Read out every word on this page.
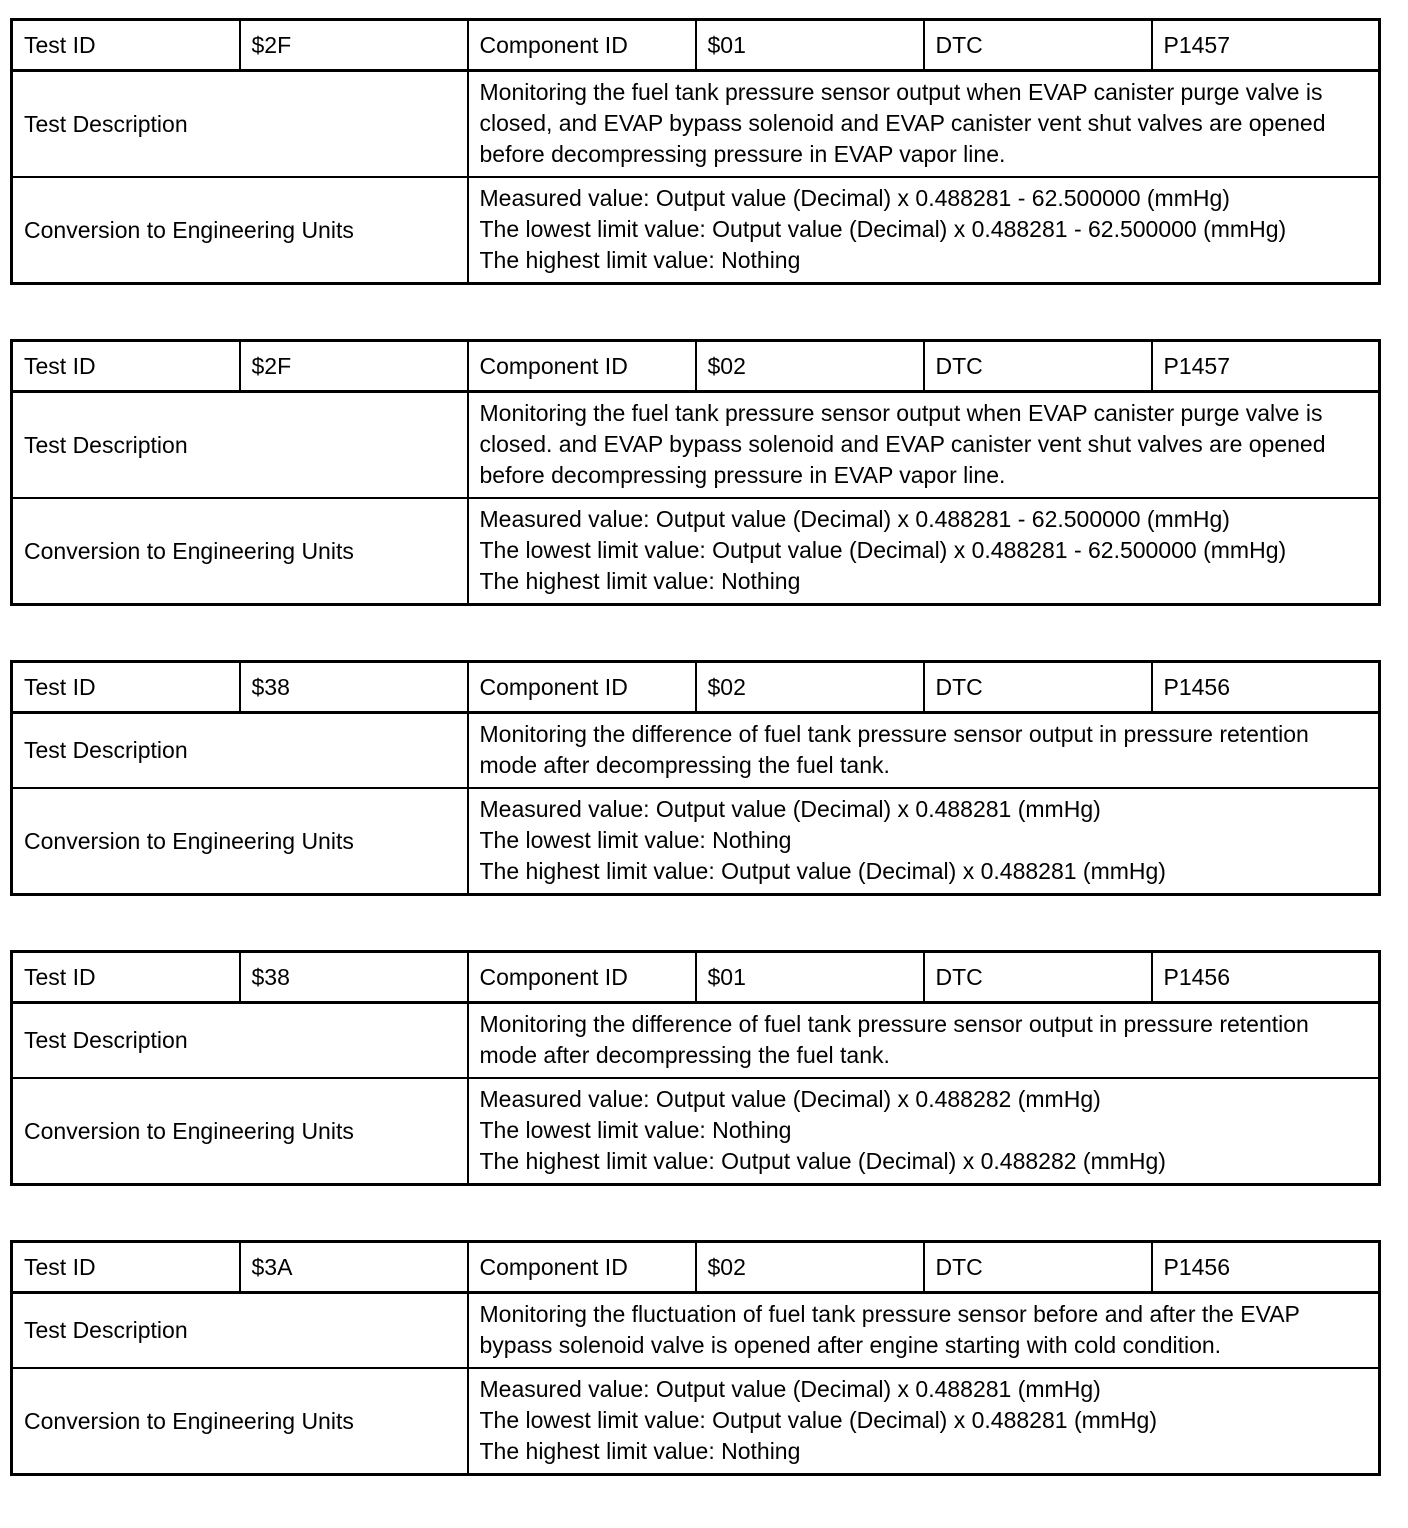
Test ID	$2F	Component ID	$01	DTC	P1457
Test Description		Monitoring the fuel tank pressure sensor output when EVAP canister purge valve is closed, and EVAP bypass solenoid and EVAP canister vent shut valves are opened before decompressing pressure in EVAP vapor line.			

Conversion to Engineering Units		Measured value: Output value (Decimal) x 0.488281 - 62.500000 (mmHg)
The lowest limit value: Output value (Decimal) x 0.488281 - 62.500000 (mmHg)
The highest limit value: Nothing			
Test ID	$2F	Component ID	$02	DTC	P1457
Test Description		Monitoring the fuel tank pressure sensor output when EVAP canister purge valve is closed. and EVAP bypass solenoid and EVAP canister vent shut valves are opened before decompressing pressure in EVAP vapor line.			

Conversion to Engineering Units		Measured value: Output value (Decimal) x 0.488281 - 62.500000 (mmHg)
The lowest limit value: Output value (Decimal) x 0.488281 - 62.500000 (mmHg)
The highest limit value: Nothing			
Test ID	$38	Component ID	$02	DTC	P1456
Test Description		Monitoring the difference of fuel tank pressure sensor output in pressure retention mode after decompressing the fuel tank.			

Conversion to Engineering Units		Measured value: Output value (Decimal) x 0.488281 (mmHg)
The lowest limit value: Nothing
The highest limit value: Output value (Decimal) x 0.488281 (mmHg)			
Test ID	$38	Component ID	$01	DTC	P1456
Test Description		Monitoring the difference of fuel tank pressure sensor output in pressure retention mode after decompressing the fuel tank.			

Conversion to Engineering Units		Measured value: Output value (Decimal) x 0.488282 (mmHg)
The lowest limit value: Nothing
The highest limit value: Output value (Decimal) x 0.488282 (mmHg)			
Test ID	$3A	Component ID	$02	DTC	P1456
Test Description		Monitoring the fluctuation of fuel tank pressure sensor before and after the EVAP bypass solenoid valve is opened after engine starting with cold condition.			

Conversion to Engineering Units		Measured value: Output value (Decimal) x 0.488281 (mmHg)
The lowest limit value: Output value (Decimal) x 0.488281 (mmHg)
The highest limit value: Nothing			
